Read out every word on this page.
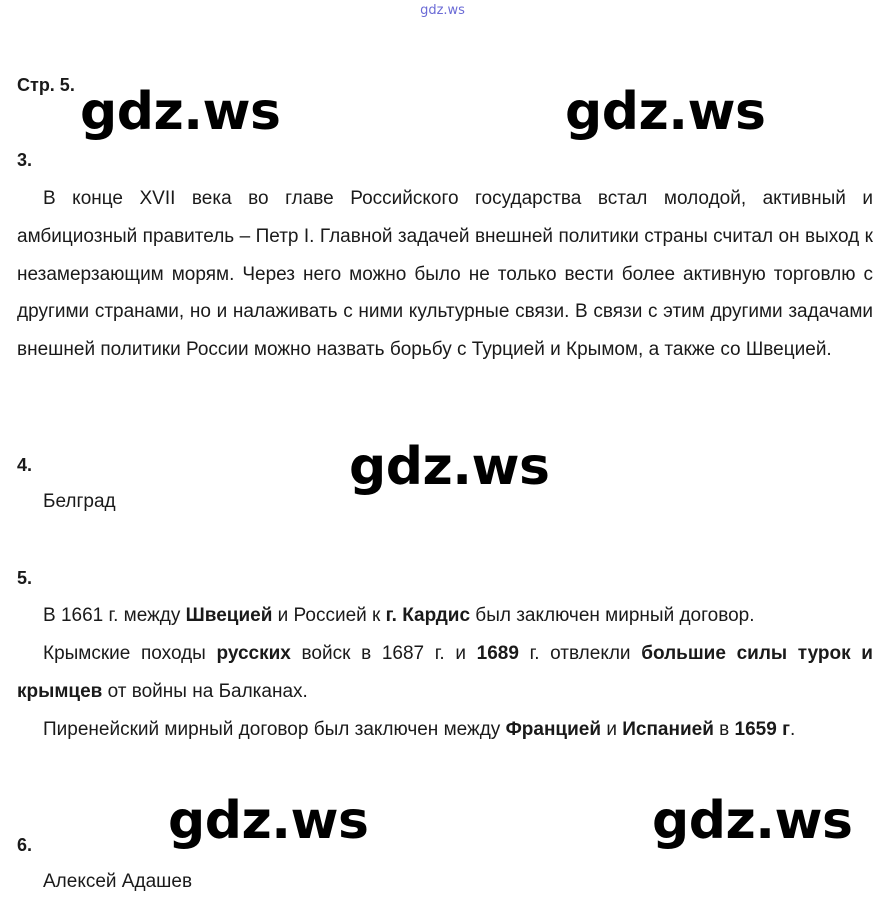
gdz.ws
gdz.ws	gdz.ws
gdz.ws
gdz.ws	gdz.ws
Стр. 5.
3.

В конце XVII века во главе Российского государства встал молодой, активный и амбициозный правитель – Петр I. Главной задачей внешней политики страны считал он выход к незамерзающим морям. Через него можно было не только вести более активную торговлю с другими странами, но и налаживать с ними культурные связи. В связи с этим другими задачами внешней политики России можно назвать борьбу с Турцией и Крымом, а также со Швецией.

4.
Белград
5.

В 1661 г. между Швецией и Россией к г. Кардис был заключен мирный договор.

Крымские походы русских войск в 1687 г. и 1689 г. отвлекли большие силы турок и крымцев от войны на Балканах.

Пиренейский мирный договор был заключен между Францией и Испанией в 1659 г.

6.
Алексей Адашев
